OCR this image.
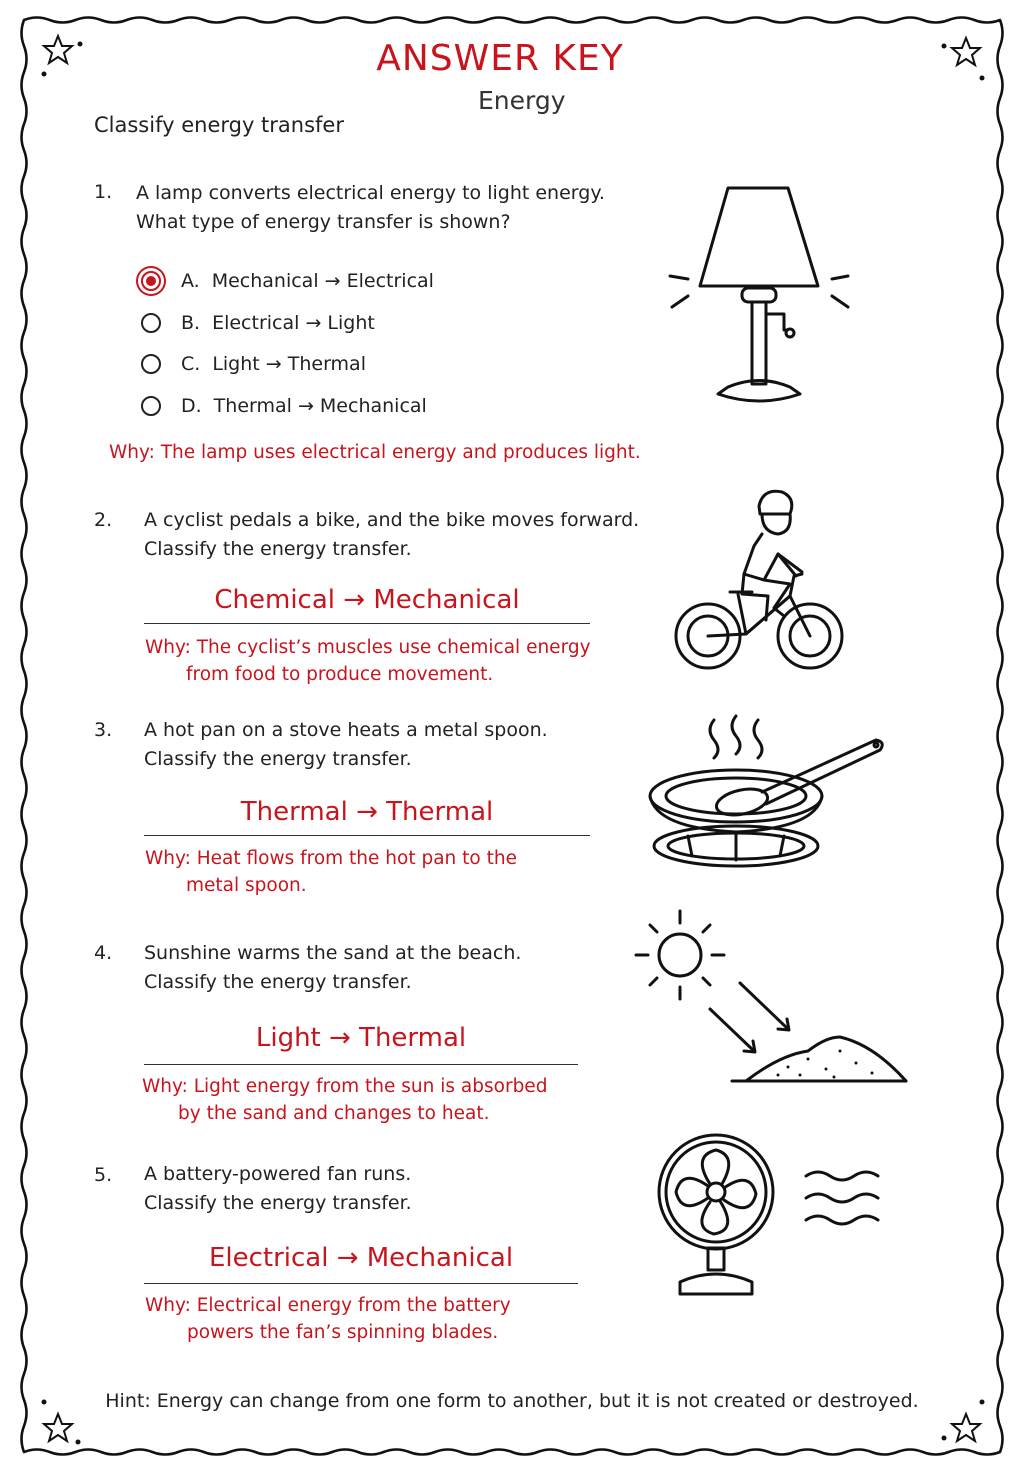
ANSWER KEY
Energy
Classify energy transfer
1. A lamp converts electrical energy to light energy.
What type of energy transfer is shown?
A. Mechanical → Electrical
B. Electrical → Light
C. Light → Thermal
D. Thermal → Mechanical
Why: The lamp uses electrical energy and produces light.
2. A cyclist pedals a bike, and the bike moves forward.
Classify the energy transfer.
Chemical → Mechanical
Why: The cyclist’s muscles use chemical energy
from food to produce movement.
3. A hot pan on a stove heats a metal spoon.
Classify the energy transfer.
Thermal → Thermal
Why: Heat flows from the hot pan to the
metal spoon.
4. Sunshine warms the sand at the beach.
Classify the energy transfer.
Light → Thermal
Why: Light energy from the sun is absorbed
by the sand and changes to heat.
5. A battery-powered fan runs.
Classify the energy transfer.
Electrical → Mechanical
Why: Electrical energy from the battery
powers the fan’s spinning blades.
Hint: Energy can change from one form to another, but it is not created or destroyed.
